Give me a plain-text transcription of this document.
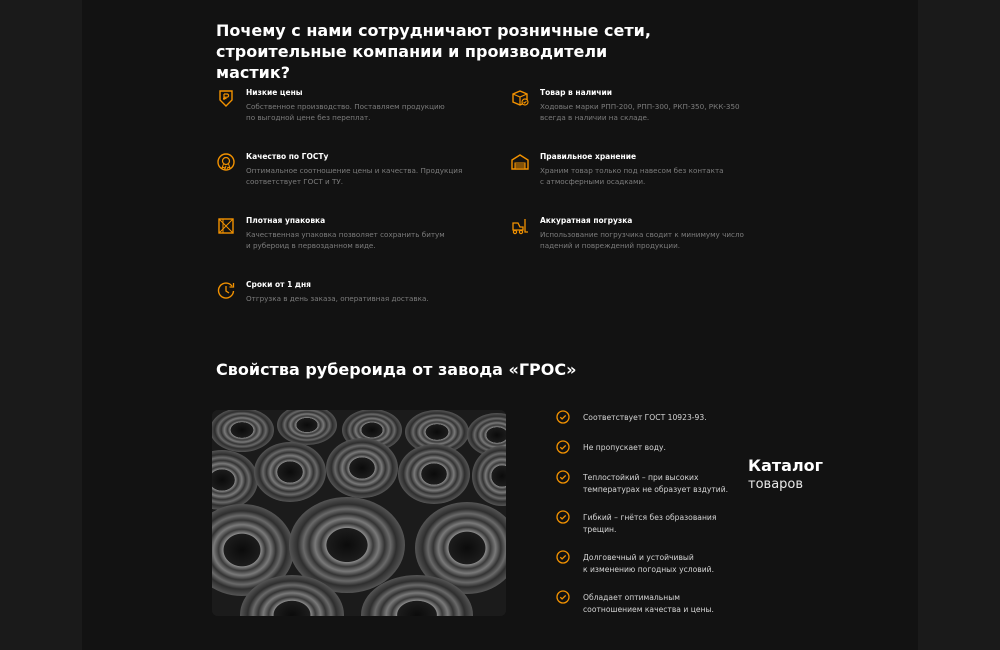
Почему с нами сотрудничают розничные сети,
строительные компании и производители мастик?
Низкие цены
Собственное производство. Поставляем продукцию
по выгодной цене без переплат.
Товар в наличии
Ходовые марки РПП-200, РПП-300, РКП-350, РКК-350
всегда в наличии на складе.
Качество по ГОСТу
Оптимальное соотношение цены и качества. Продукция
соответствует ГОСТ и ТУ.
Правильное хранение
Храним товар только под навесом без контакта
с атмосферными осадками.
Плотная упаковка
Качественная упаковка позволяет сохранить битум
и рубероид в первозданном виде.
Аккуратная погрузка
Использование погрузчика сводит к минимуму число
падений и повреждений продукции.
Сроки от 1 дня
Отгрузка в день заказа, оперативная доставка.
Свойства рубероида от завода «ГРОС»
Соответствует ГОСТ 10923-93.
Не пропускает воду.
Теплостойкий – при высоких
температурах не образует вздутий.
Гибкий – гнётся без образования
трещин.
Долговечный и устойчивый
к изменению погодных условий.
Обладает оптимальным
соотношением качества и цены.
Каталог
товаров
